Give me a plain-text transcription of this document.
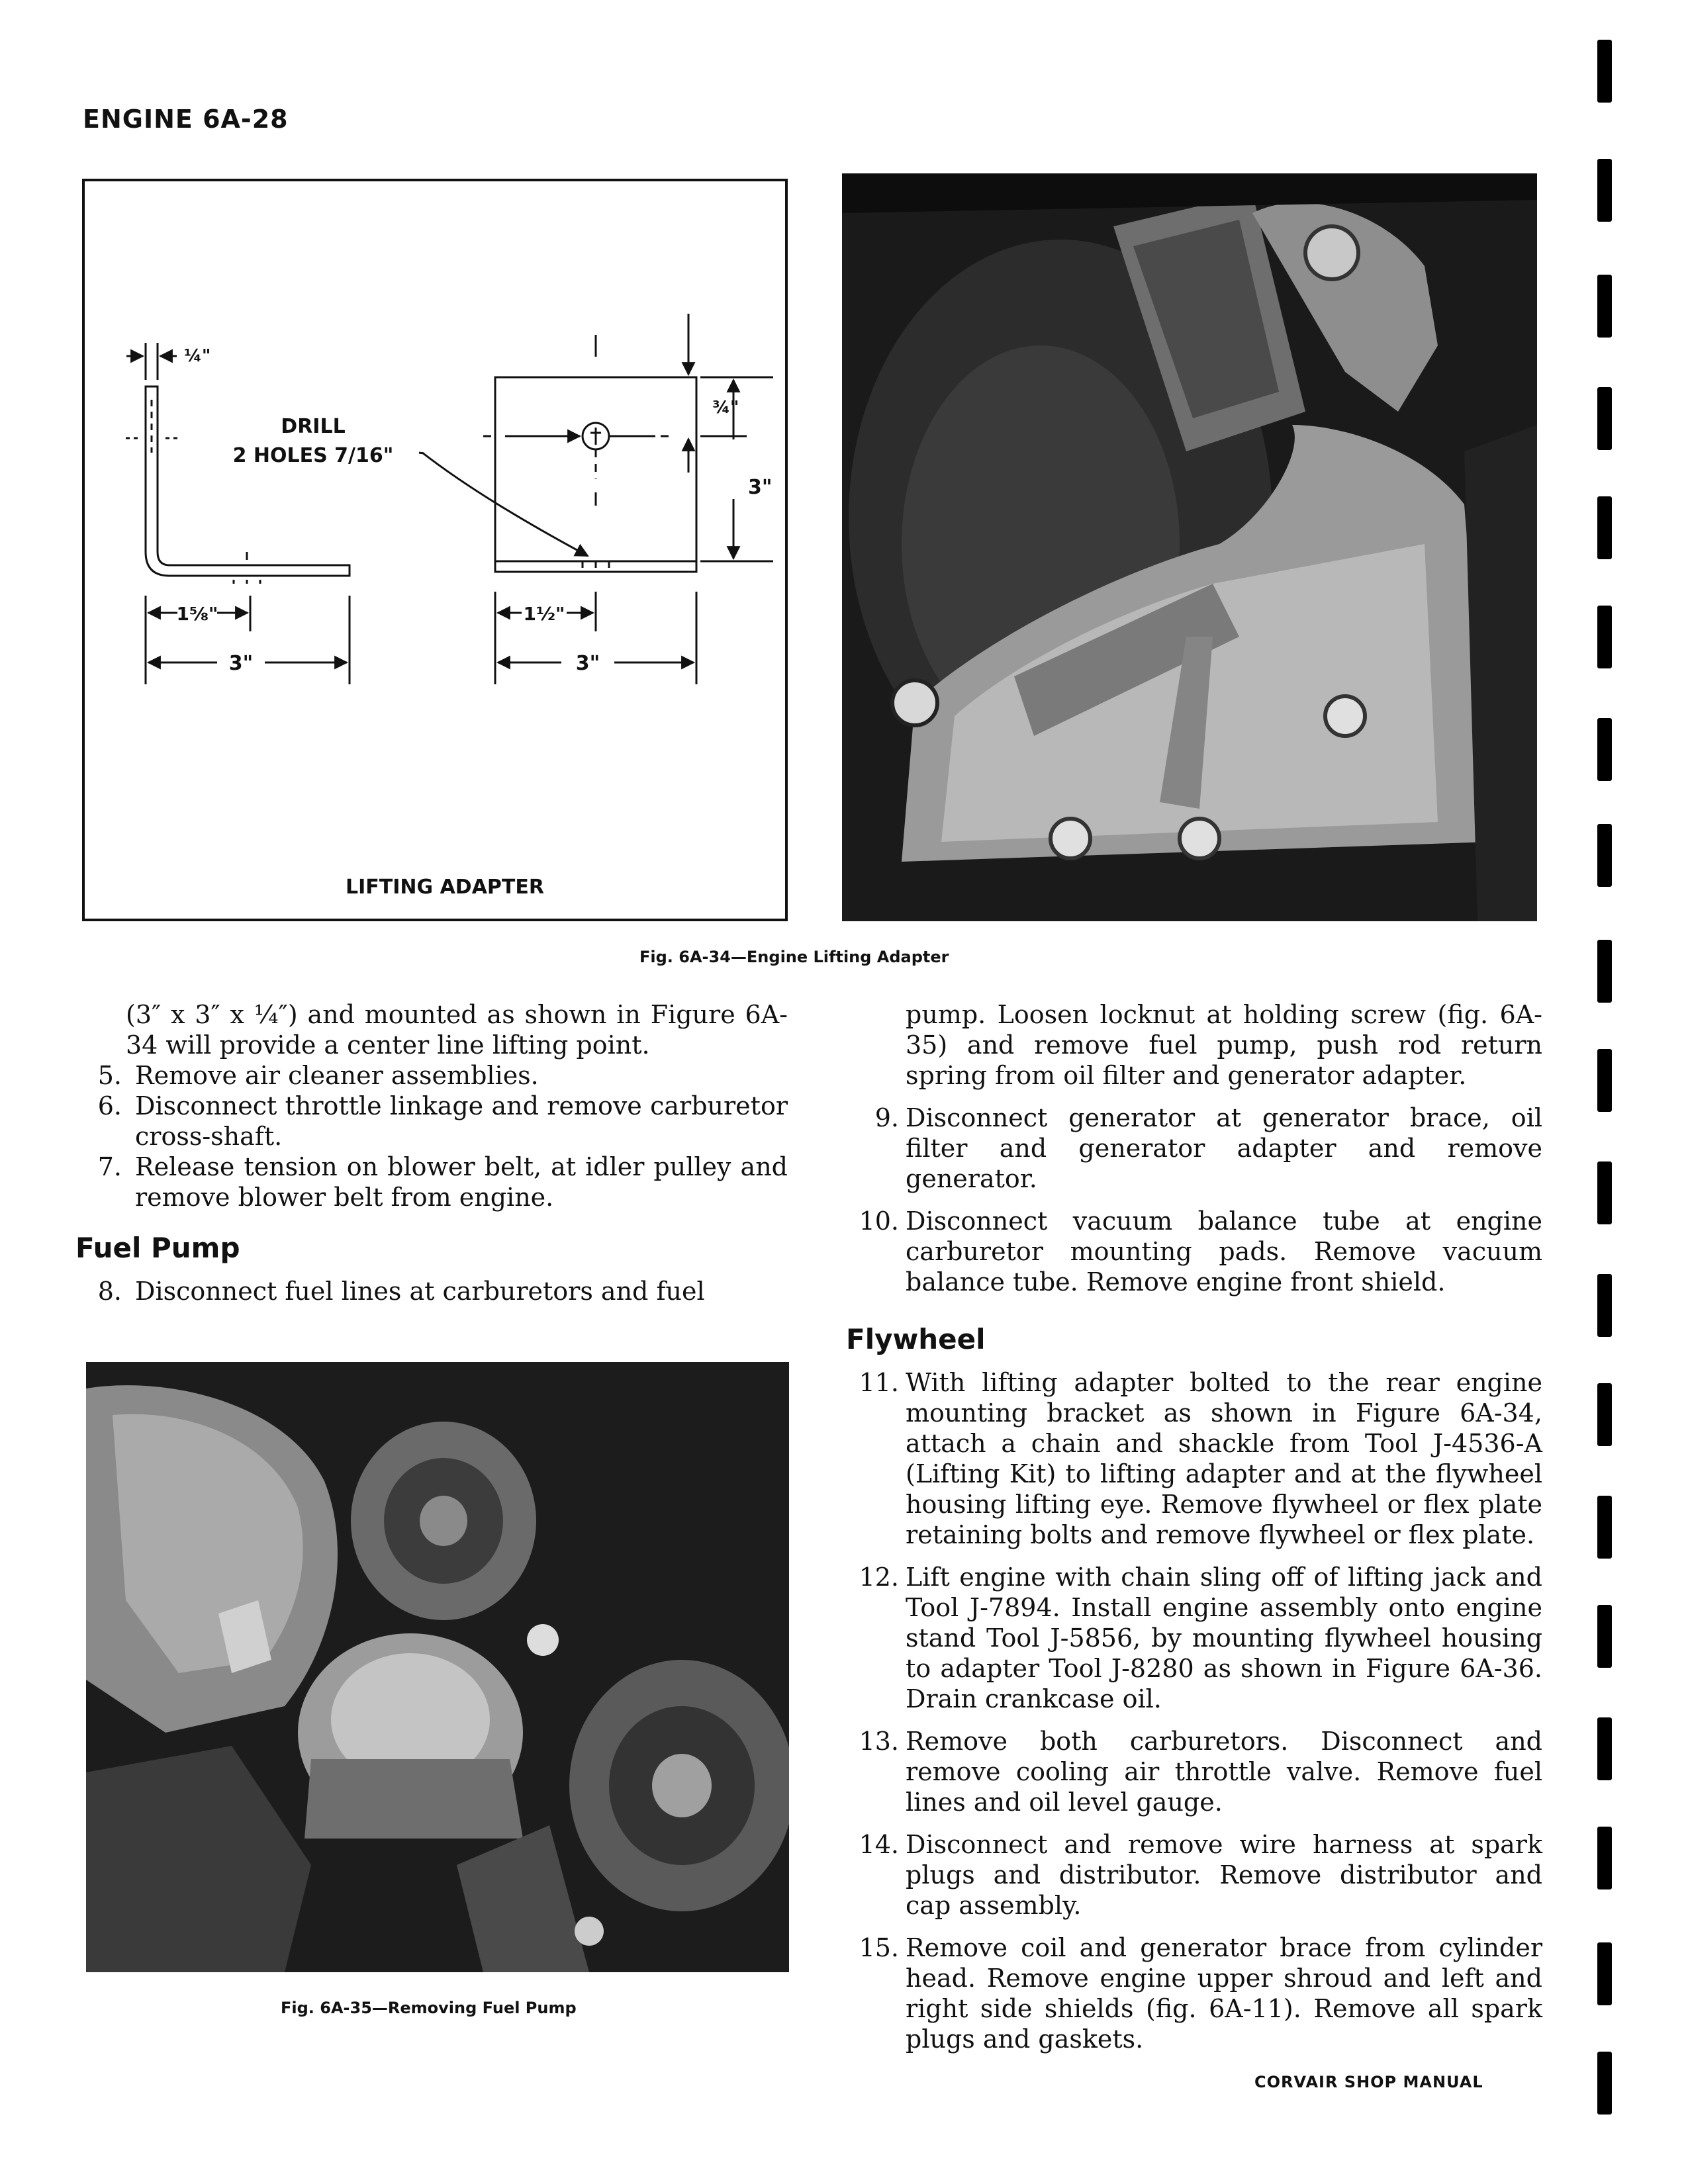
ENGINE 6A-28
¼"
DRILL
2 HOLES 7/16"
¾"
3"
1⅝"
3"
1½"
3"
LIFTING ADAPTER
Fig. 6A-34—Engine Lifting Adapter

(3″ x 3″ x ¼″) and mounted as shown in Figure 6A-34 will provide a center line lifting point.

5. Remove air cleaner assemblies.
6. Disconnect throttle linkage and remove carburetor cross-shaft.
7. Release tension on blower belt, at idler pulley and remove blower belt from engine.
Fuel Pump
8. Disconnect fuel lines at carburetors and fuel
Fig. 6A-35—Removing Fuel Pump

pump. Loosen locknut at holding screw (fig. 6A-35) and remove fuel pump, push rod return spring from oil filter and generator adapter.

9. Disconnect generator at generator brace, oil filter and generator adapter and remove generator.
10. Disconnect vacuum balance tube at engine carburetor mounting pads. Remove vacuum balance tube. Remove engine front shield.
Flywheel
11. With lifting adapter bolted to the rear engine mounting bracket as shown in Figure 6A-34, attach a chain and shackle from Tool J-4536-A (Lifting Kit) to lifting adapter and at the flywheel housing lifting eye. Remove flywheel or flex plate retaining bolts and remove flywheel or flex plate.
12. Lift engine with chain sling off of lifting jack and Tool J-7894. Install engine assembly onto engine stand Tool J-5856, by mounting flywheel housing to adapter Tool J-8280 as shown in Figure 6A-36. Drain crankcase oil.
13. Remove both carburetors. Disconnect and remove cooling air throttle valve. Remove fuel lines and oil level gauge.
14. Disconnect and remove wire harness at spark plugs and distributor. Remove distributor and cap assembly.
15. Remove coil and generator brace from cylinder head. Remove engine upper shroud and left and right side shields (fig. 6A-11). Remove all spark plugs and gaskets.
CORVAIR SHOP MANUAL
